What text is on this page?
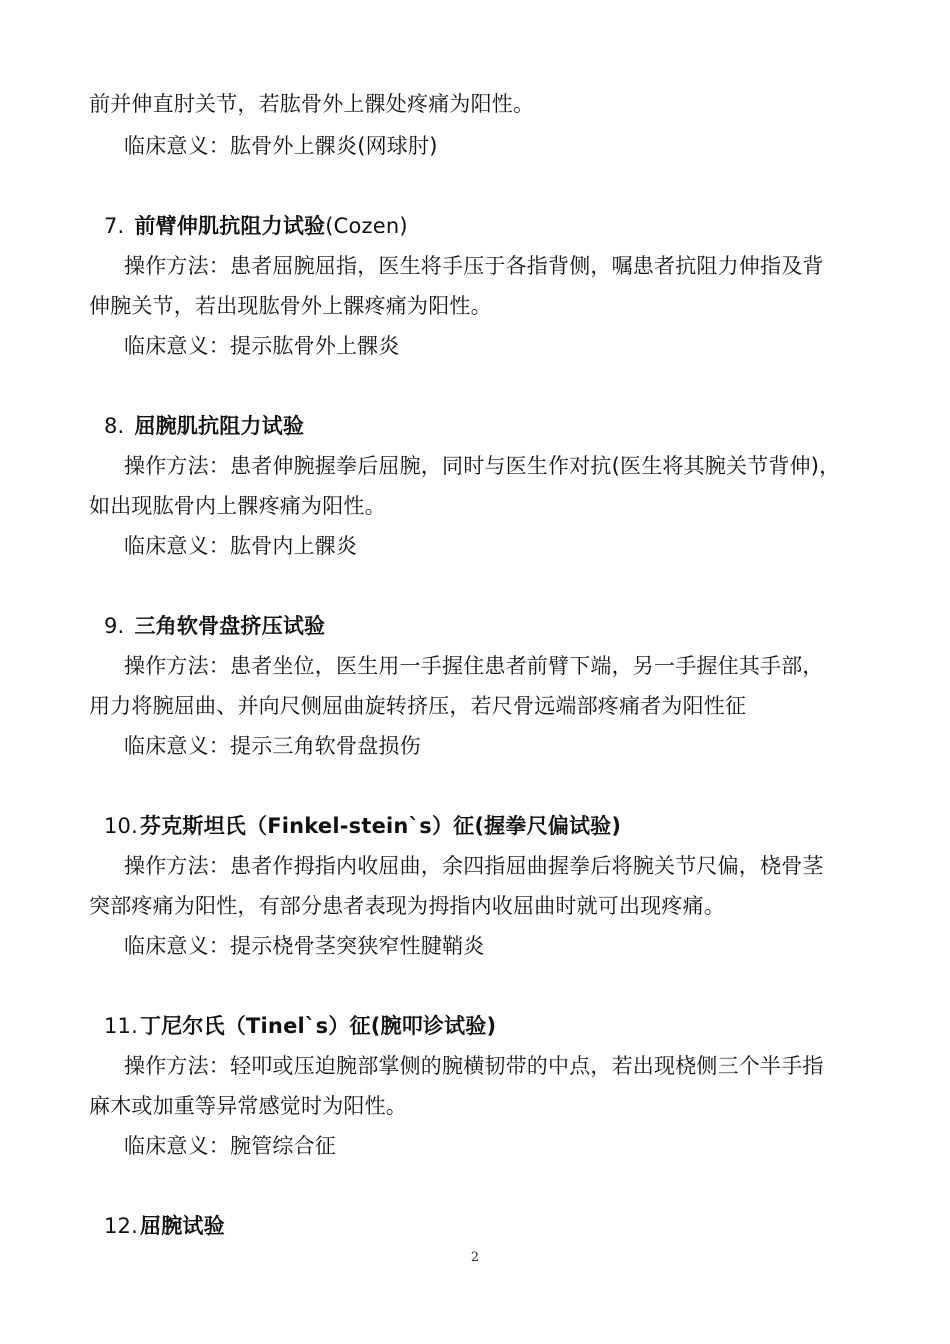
前并伸直肘关节，若肱骨外上髁处疼痛为阳性。
临床意义：肱骨外上髁炎(网球肘)
7. 前臂伸肌抗阻力试验(Cozen)
操作方法：患者屈腕屈指，医生将手压于各指背侧，嘱患者抗阻力伸指及背
伸腕关节，若出现肱骨外上髁疼痛为阳性。
临床意义：提示肱骨外上髁炎
8. 屈腕肌抗阻力试验
操作方法：患者伸腕握拳后屈腕，同时与医生作对抗(医生将其腕关节背伸)，
如出现肱骨内上髁疼痛为阳性。
临床意义：肱骨内上髁炎
9. 三角软骨盘挤压试验
操作方法：患者坐位，医生用一手握住患者前臂下端，另一手握住其手部，
用力将腕屈曲、并向尺侧屈曲旋转挤压，若尺骨远端部疼痛者为阳性征
临床意义：提示三角软骨盘损伤
10.芬克斯坦氏（Finkel-stein`s）征(握拳尺偏试验)
操作方法：患者作拇指内收屈曲，余四指屈曲握拳后将腕关节尺偏，桡骨茎
突部疼痛为阳性，有部分患者表现为拇指内收屈曲时就可出现疼痛。
临床意义：提示桡骨茎突狭窄性腱鞘炎
11.丁尼尔氏（Tinel`s）征(腕叩诊试验)
操作方法：轻叩或压迫腕部掌侧的腕横韧带的中点，若出现桡侧三个半手指
麻木或加重等异常感觉时为阳性。
临床意义：腕管综合征
12.屈腕试验
2
